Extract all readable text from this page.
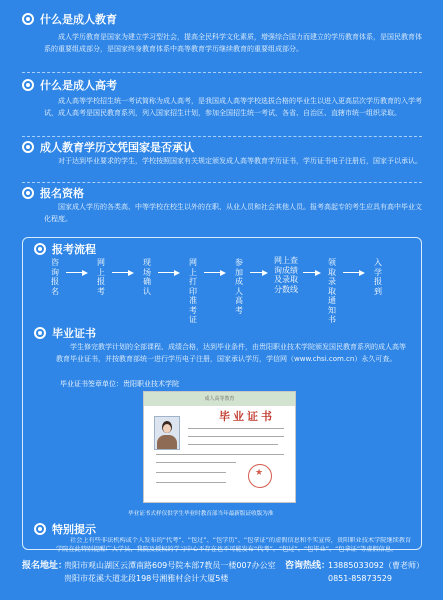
什么是成人教育
成人学历教育是国家为建立学习型社会，提高全民科学文化素质，增强综合国力而建立的学历教育体系，是国民教育体系的重要组成部分，是国家终身教育体系中高等教育学历继续教育的重要组成部分。
什么是成人高考
成人高等学校招生统一考试简称为成人高考，是我国成人高等学校选拔合格的毕业生以进入更高层次学历教育的入学考试，成人高考是国民教育系列，列入国家招生计划，参加全国招生统一考试，各省、自治区、直辖市统一组织录取。
成人教育学历文凭国家是否承认
对于达到毕业要求的学生，学校按照国家有关规定颁发成人高等教育学历证书，学历证书电子注册后，国家予以承认。
报名资格
国家成人学历的各类高、中等学校在校生以外的在职、从业人员和社会其他人员。报考高起专的考生应具有高中毕业文化程度。
报考流程
咨询报名
网上报考
现场确认
网上打印准考证
参加成人高考
网上查询成绩及录取分数线
领取录取通知书
入学报到
毕业证书
学生修完教学计划的全部课程、成绩合格，达到毕业条件，由贵阳职业技术学院颁发国民教育系列的成人高等教育毕业证书，并按教育部统一进行学历电子注册，国家承认学历，学信网（www.chsi.com.cn）永久可查。
毕业证书签章单位：贵阳职业技术学院
成人高等教育
毕业证书
★
毕业证书式样仅供学生毕业时教育部当年最新版证收版为准
特别提示
报名地址：
贵阳市观山湖区云潭南路609号院本部7教员一楼007办公室
贵阳市花溪大道北段198号湘雅村会计大厦5楼
咨询热线：
13885033092（曹老师）
0851-85873529
社会上有些非法机构或个人发布的“代考”、“包过”、“包学历”、“包拿证”的虚假信息和不实宣传，贵阳职业技术学院继续教育学院在此特别提醒广大学员，我院及授权的学习中心不存在也不可能发布“代考”、“包过”、“包毕业”、“包拿证”等虚假信息。
